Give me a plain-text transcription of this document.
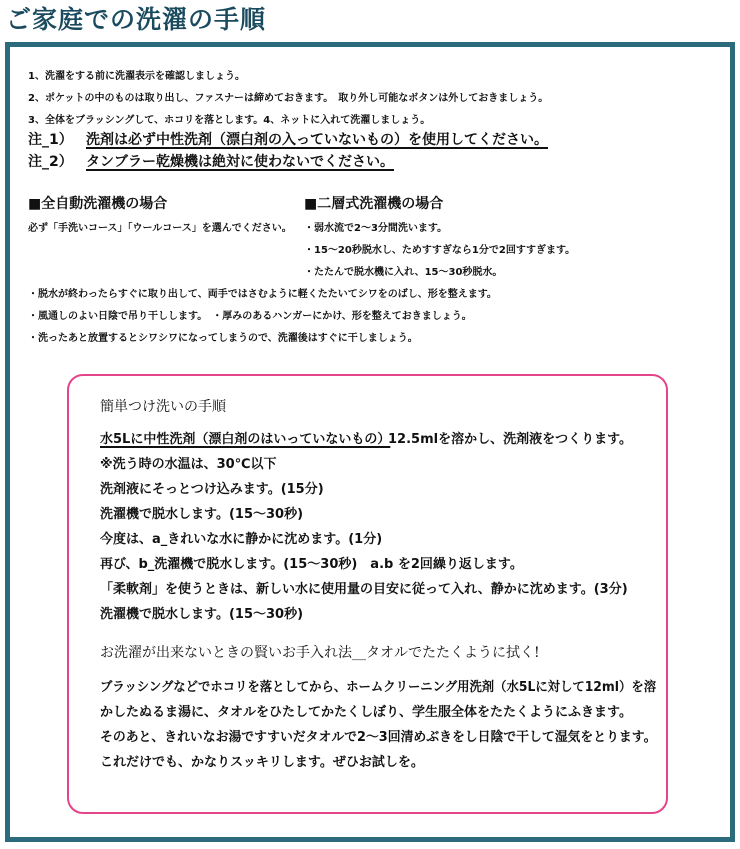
ご家庭での洗濯の手順
1、洗濯をする前に洗濯表示を確認しましょう。
2、ポケットの中のものは取り出し、ファスナーは締めておきます。　取り外し可能なボタンは外しておきましょう。
3、全体をブラッシングして、ホコリを落とします。4、ネットに入れて洗濯しましょう。
注_1） 洗剤は必ず中性洗剤（漂白剤の入っていないもの）を使用してください。
注_2） タンブラー乾燥機は絶対に使わないでください。
■全自動洗濯機の場合
必ず「手洗いコース」「ウールコース」を選んでください。
■二層式洗濯機の場合
・弱水流で2～3分間洗います。
・15～20秒脱水し、ためすすぎなら1分で2回すすぎます。
・たたんで脱水機に入れ、15～30秒脱水。
・脱水が終わったらすぐに取り出して、両手ではさむように軽くたたいてシワをのばし、形を整えます。
・風通しのよい日陰で吊り干しします。　・厚みのあるハンガーにかけ、形を整えておきましょう。
・洗ったあと放置するとシワシワになってしまうので、洗濯後はすぐに干しましょう。
簡単つけ洗いの手順
水5Lに中性洗剤（漂白剤のはいっていないもの）
12.5mlを溶かし、洗剤液をつくります。
※洗う時の水温は、30℃以下
洗剤液にそっとつけ込みます。(15分)
洗濯機で脱水します。(15～30秒)
今度は、a_きれいな水に静かに沈めます。(1分)
再び、b_洗濯機で脱水します。(15～30秒)　a.b を2回繰り返します。
「柔軟剤」を使うときは、新しい水に使用量の目安に従って入れ、静かに沈めます。(3分)
洗濯機で脱水します。(15～30秒)
お洗濯が出来ないときの賢いお手入れ法__タオルでたたくように拭く!
ブラッシングなどでホコリを落としてから、ホームクリーニング用洗剤（水5Lに対して12ml）を溶
かしたぬるま湯に、タオルをひたしてかたくしぼり、学生服全体をたたくようにふきます。
そのあと、きれいなお湯ですすいだタオルで2～3回清めぶきをし日陰で干して湿気をとります。
これだけでも、かなりスッキリします。ぜひお試しを。
